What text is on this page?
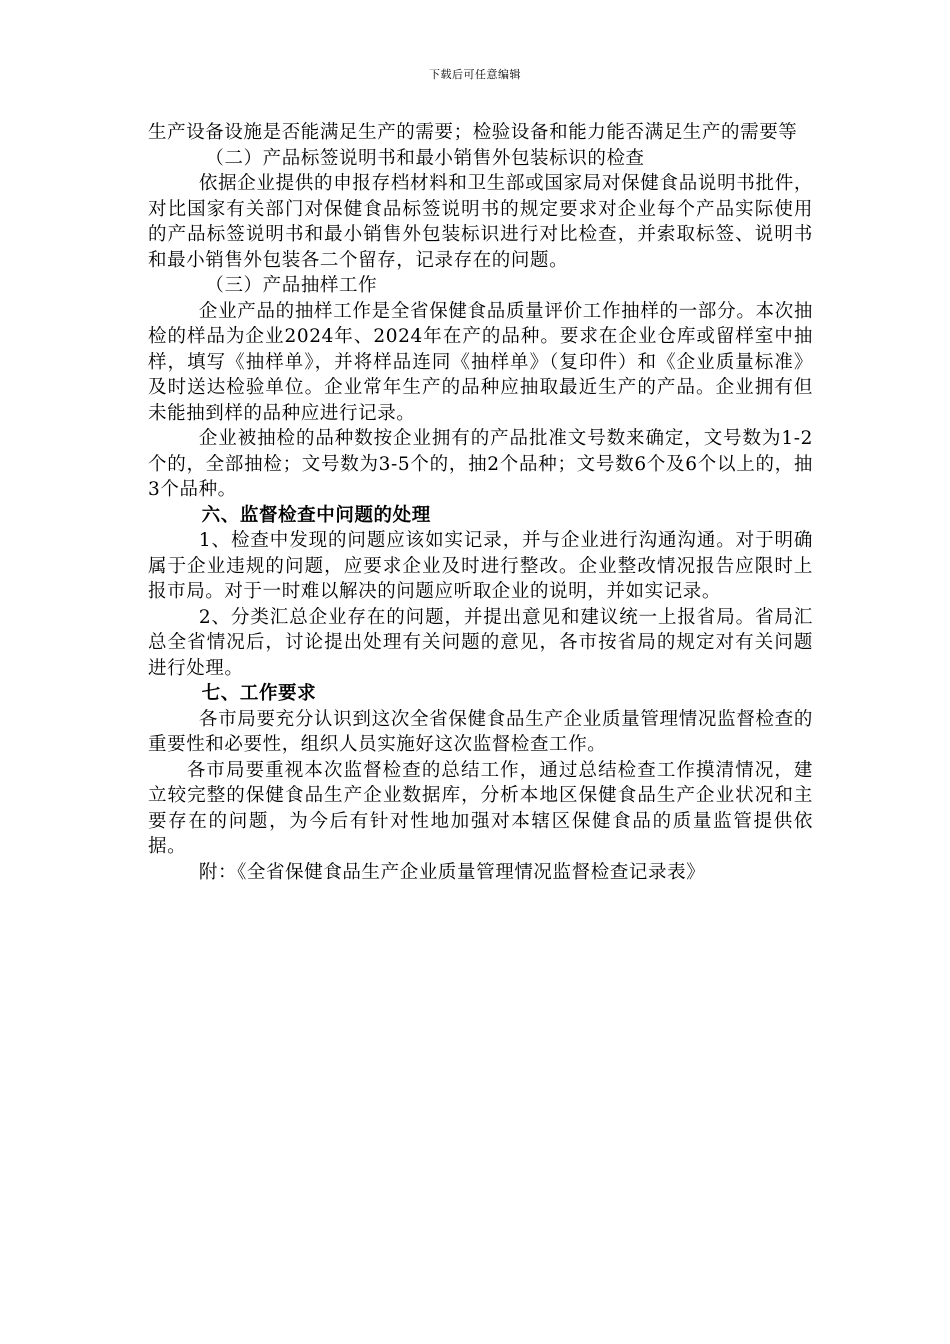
下载后可任意编辑

生产设备设施是否能满足生产的需要；检验设备和能力能否满足生产的需要等

（二）产品标签说明书和最小销售外包装标识的检查

依据企业提供的申报存档材料和卫生部或国家局对保健食品说明书批件，对比国家有关部门对保健食品标签说明书的规定要求对企业每个产品实际使用的产品标签说明书和最小销售外包装标识进行对比检查，并索取标签、说明书和最小销售外包装各二个留存，记录存在的问题。

（三）产品抽样工作

企业产品的抽样工作是全省保健食品质量评价工作抽样的一部分。本次抽检的样品为企业2024年、2024年在产的品种。要求在企业仓库或留样室中抽样，填写《抽样单》，并将样品连同《抽样单》（复印件）和《企业质量标准》及时送达检验单位。企业常年生产的品种应抽取最近生产的产品。企业拥有但未能抽到样的品种应进行记录。

企业被抽检的品种数按企业拥有的产品批准文号数来确定，文号数为1-2个的，全部抽检；文号数为3-5个的，抽2个品种；文号数6个及6个以上的，抽3个品种。

六、监督检查中问题的处理

1、检查中发现的问题应该如实记录，并与企业进行沟通沟通。对于明确属于企业违规的问题，应要求企业及时进行整改。企业整改情况报告应限时上报市局。对于一时难以解决的问题应听取企业的说明，并如实记录。

2、分类汇总企业存在的问题，并提出意见和建议统一上报省局。省局汇总全省情况后，讨论提出处理有关问题的意见，各市按省局的规定对有关问题进行处理。

七、工作要求

各市局要充分认识到这次全省保健食品生产企业质量管理情况监督检查的重要性和必要性，组织人员实施好这次监督检查工作。

各市局要重视本次监督检查的总结工作，通过总结检查工作摸清情况，建立较完整的保健食品生产企业数据库，分析本地区保健食品生产企业状况和主要存在的问题，为今后有针对性地加强对本辖区保健食品的质量监管提供依据。

附：《全省保健食品生产企业质量管理情况监督检查记录表》
